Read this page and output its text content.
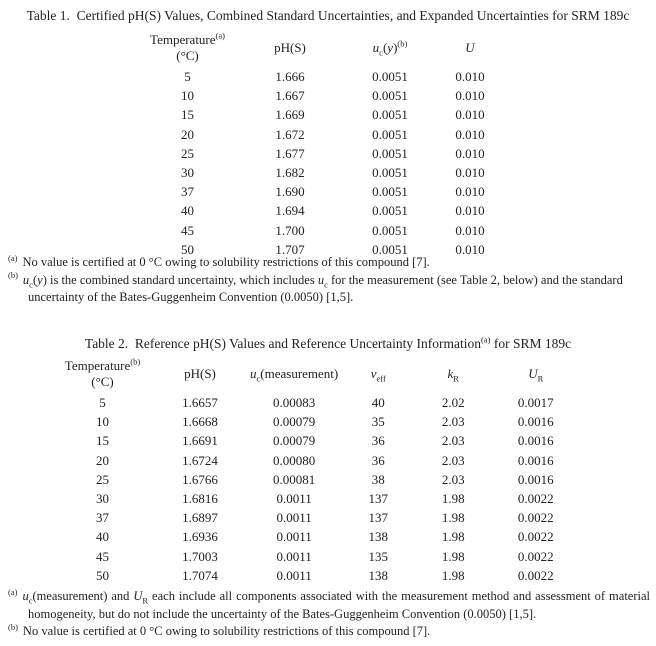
Table 1.  Certified pH(S) Values, Combined Standard Uncertainties, and Expanded Uncertainties for SRM 189c
Temperature$^{(a)}$
(°C)	pH(S)	$u_c(y)^{(b)}$	U
5	1.666	0.0051	0.010
10	1.667	0.0051	0.010
15	1.669	0.0051	0.010
20	1.672	0.0051	0.010
25	1.677	0.0051	0.010
30	1.682	0.0051	0.010
37	1.690	0.0051	0.010
40	1.694	0.0051	0.010
45	1.700	0.0051	0.010
50	1.707	0.0051	0.010
$^{(a)}$ No value is certified at 0 °C owing to solubility restrictions of this compound [7].
$^{(b)}$ $u_c(y)$ is the combined standard uncertainty, which includes $u_c$ for the measurement (see Table 2, below) and the standard uncertainty of the Bates-Guggenheim Convention (0.0050) [1,5].
Table 2.  Reference pH(S) Values and Reference Uncertainty Information$^{(a)}$ for SRM 189c
Temperature$^{(b)}$
(°C)	pH(S)	$u_c(measurement)$	$\nu_{eff}$	$k_R$	$U_R$
5	1.6657	0.00083	40	2.02	0.0017
10	1.6668	0.00079	35	2.03	0.0016
15	1.6691	0.00079	36	2.03	0.0016
20	1.6724	0.00080	36	2.03	0.0016
25	1.6766	0.00081	38	2.03	0.0016
30	1.6816	0.0011	137	1.98	0.0022
37	1.6897	0.0011	137	1.98	0.0022
40	1.6936	0.0011	138	1.98	0.0022
45	1.7003	0.0011	135	1.98	0.0022
50	1.7074	0.0011	138	1.98	0.0022
$^{(a)}$ $u_c(measurement)$ and $U_R$ each include all components associated with the measurement method and assessment of material homogeneity, but do not include the uncertainty of the Bates-Guggenheim Convention (0.0050) [1,5].
$^{(b)}$ No value is certified at 0 °C owing to solubility restrictions of this compound [7].
